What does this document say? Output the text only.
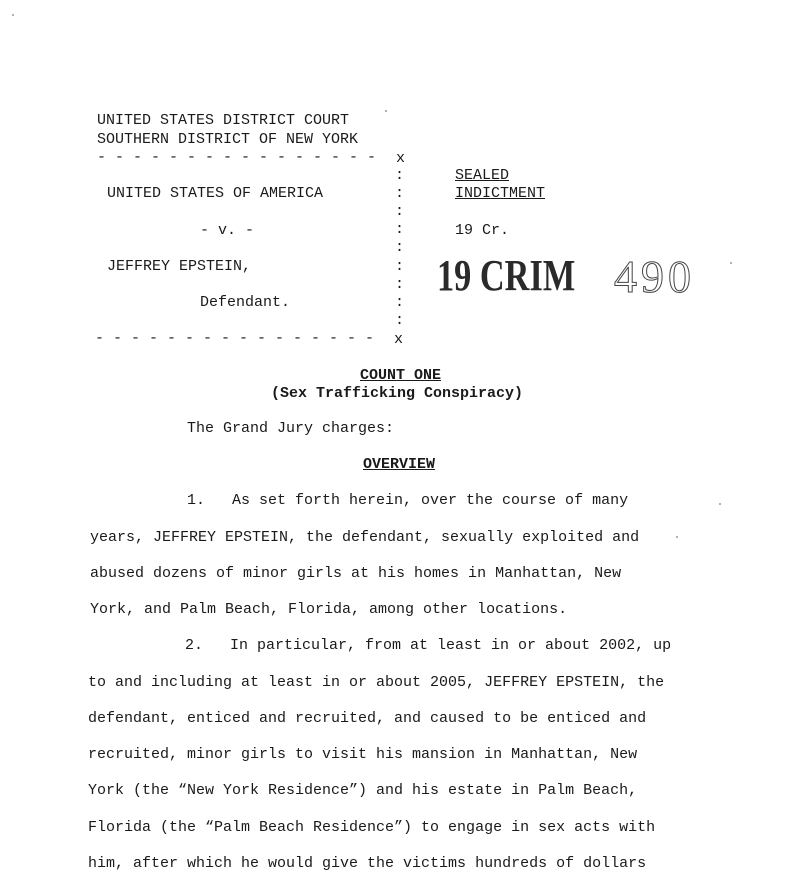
UNITED STATES DISTRICT COURT
SOUTHERN DISTRICT OF NEW YORK
- - - - - - - - - - - - - - - - x
UNITED STATES OF AMERICA
- v. -
JEFFREY EPSTEIN,
Defendant.
- - - - - - - - - - - - - - - - x
:
:
:
:
:
:
:
:
:
SEALED
INDICTMENT
19 Cr.
19 CRIM 490
COUNT ONE
(Sex Trafficking Conspiracy)
The Grand Jury charges:
OVERVIEW
1.   As set forth herein, over the course of many
years, JEFFREY EPSTEIN, the defendant, sexually exploited and
abused dozens of minor girls at his homes in Manhattan, New
York, and Palm Beach, Florida, among other locations.
2.   In particular, from at least in or about 2002, up
to and including at least in or about 2005, JEFFREY EPSTEIN, the
defendant, enticed and recruited, and caused to be enticed and
recruited, minor girls to visit his mansion in Manhattan, New
York (the “New York Residence”) and his estate in Palm Beach,
Florida (the “Palm Beach Residence”) to engage in sex acts with
him, after which he would give the victims hundreds of dollars
